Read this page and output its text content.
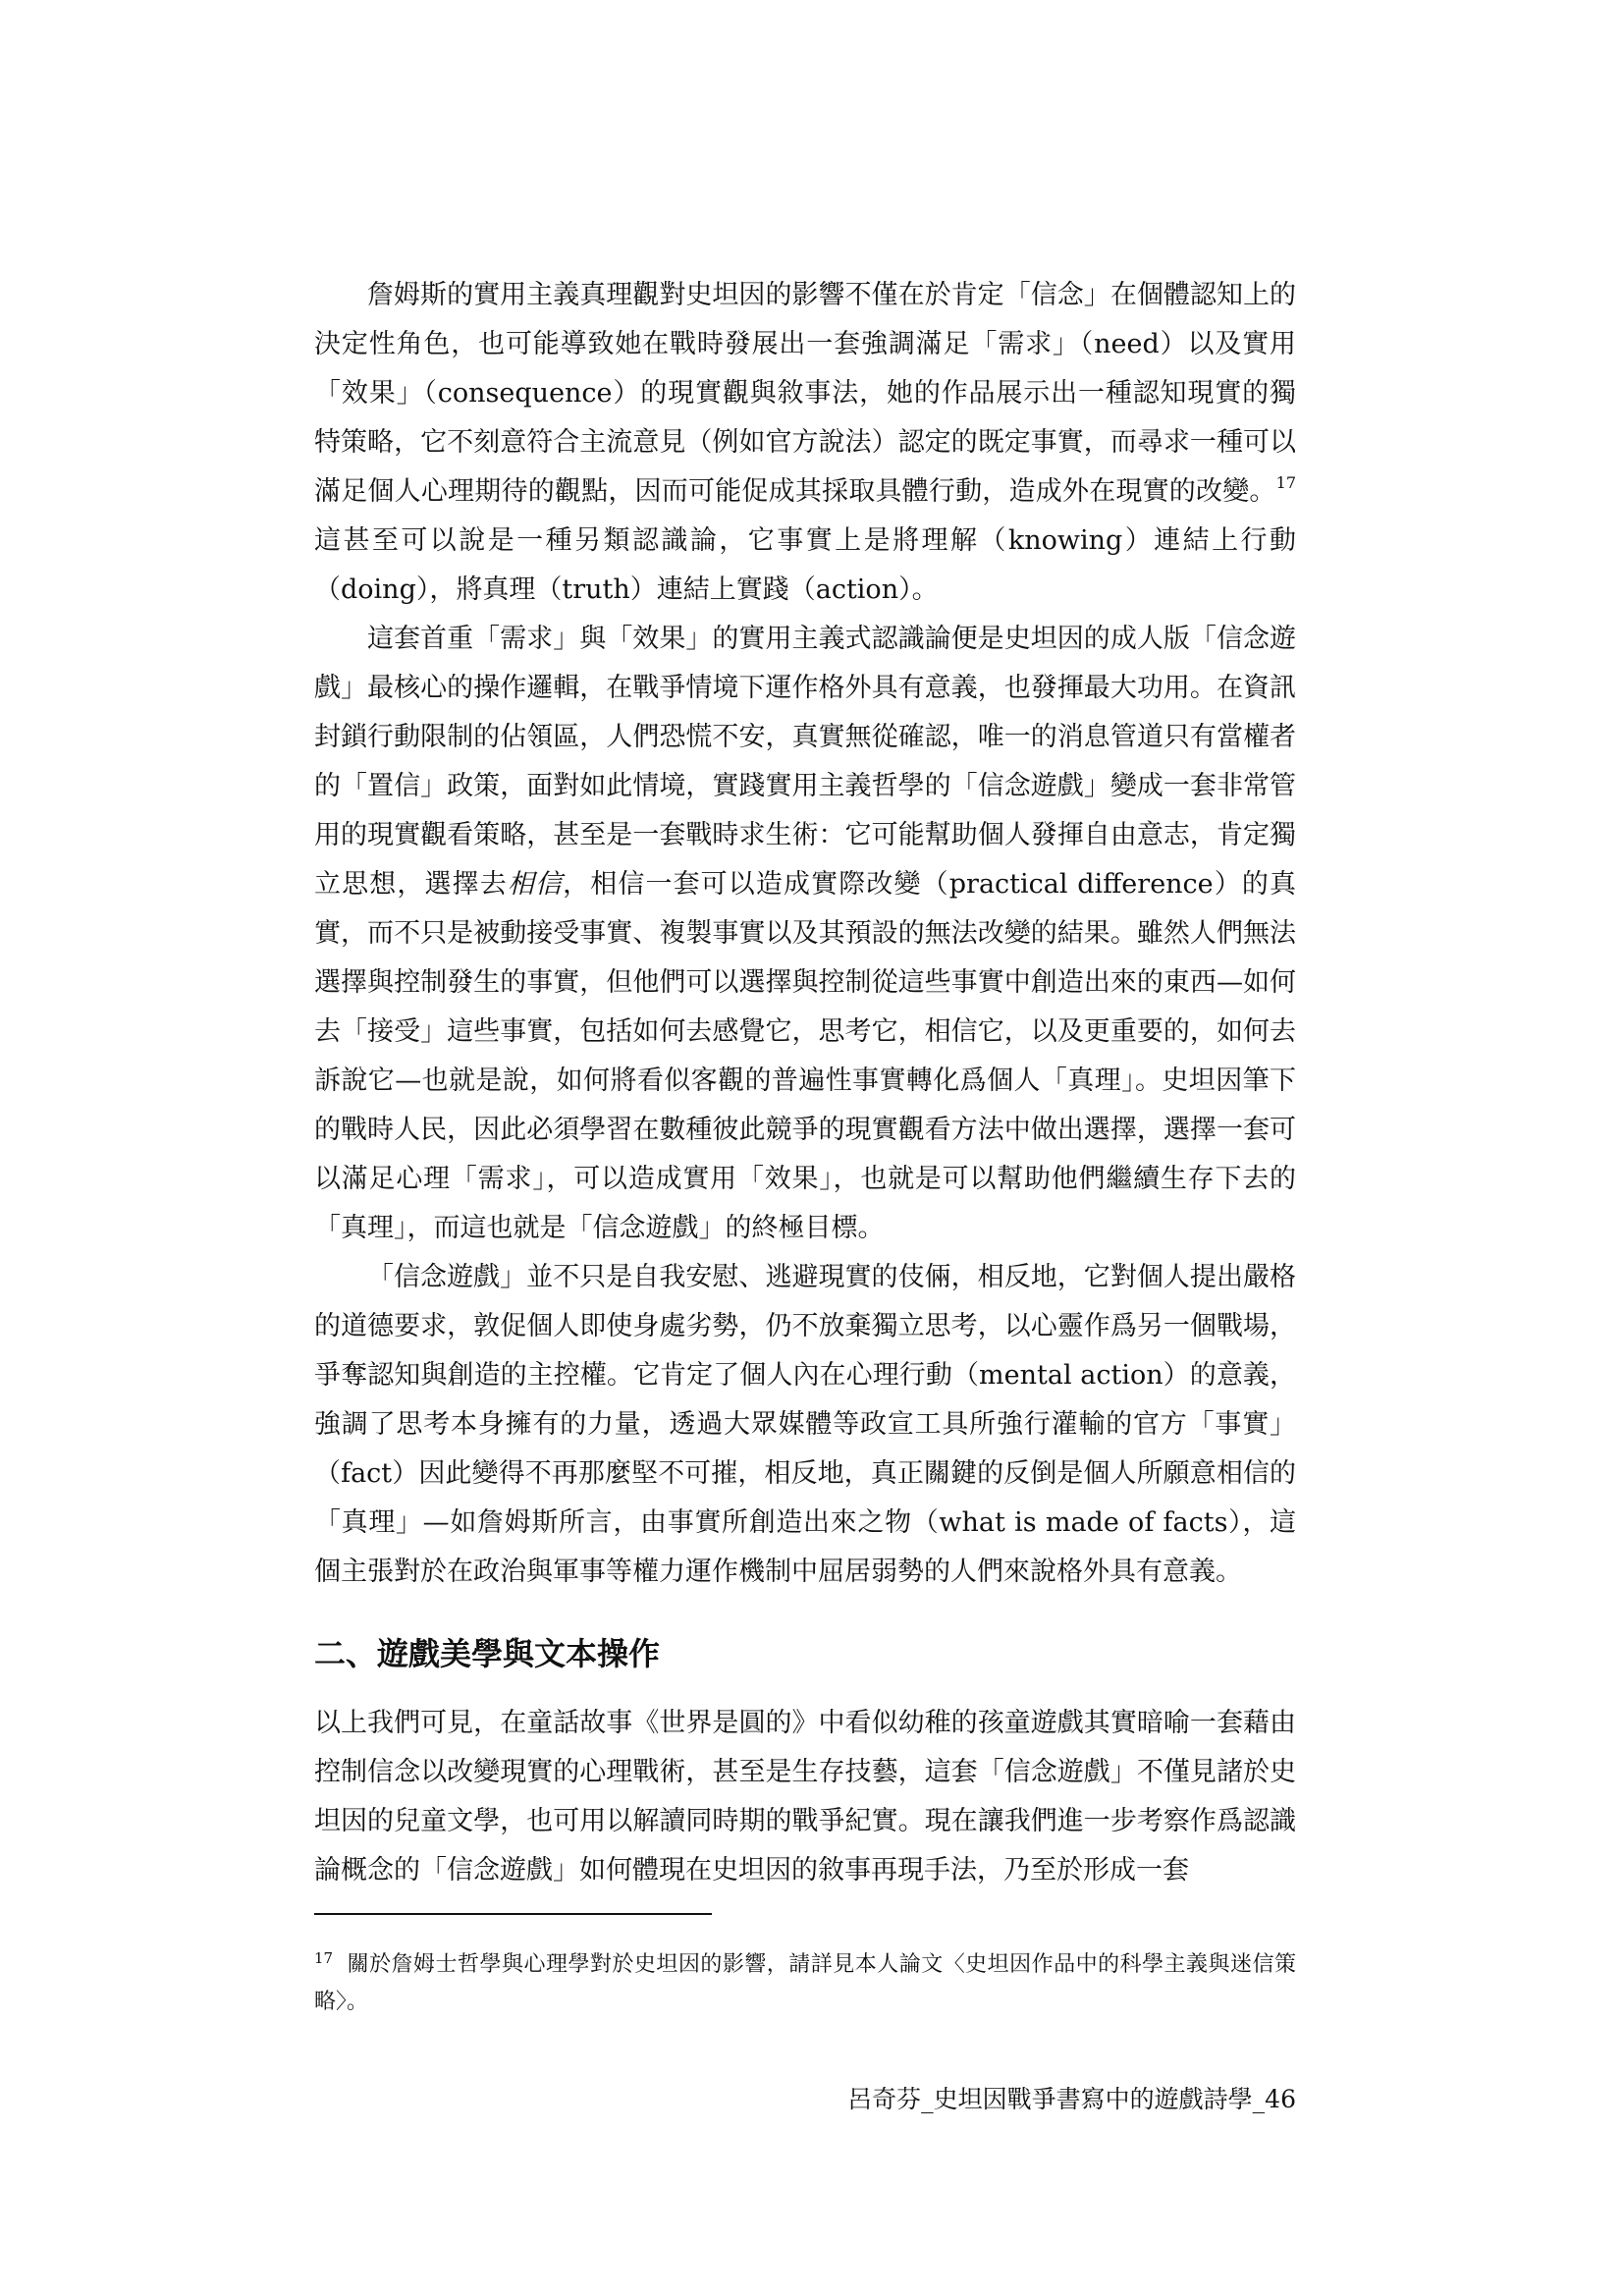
詹姆斯的實用主義真理觀對史坦因的影響不僅在於肯定「信念」在個體認知上的決定性角色，也可能導致她在戰時發展出一套強調滿足「需求」（need）以及實用「效果」（consequence）的現實觀與敘事法，她的作品展示出一種認知現實的獨特策略，它不刻意符合主流意見（例如官方說法）認定的既定事實，而尋求一種可以滿足個人心理期待的觀點，因而可能促成其採取具體行動，造成外在現實的改變。$^{17}$ 這甚至可以說是一種另類認識論，它事實上是將理解（knowing）連結上行動（doing），將真理（truth）連結上實踐（action）。

這套首重「需求」與「效果」的實用主義式認識論便是史坦因的成人版「信念遊戲」最核心的操作邏輯，在戰爭情境下運作格外具有意義，也發揮最大功用。在資訊封鎖行動限制的佔領區，人們恐慌不安，真實無從確認，唯一的消息管道只有當權者的「置信」政策，面對如此情境，實踐實用主義哲學的「信念遊戲」變成一套非常管用的現實觀看策略，甚至是一套戰時求生術：它可能幫助個人發揮自由意志，肯定獨立思想，選擇去相信，相信一套可以造成實際改變（practical difference）的真實，而不只是被動接受事實、複製事實以及其預設的無法改變的結果。雖然人們無法選擇與控制發生的事實，但他們可以選擇與控制從這些事實中創造出來的東西—如何去「接受」這些事實，包括如何去感覺它，思考它，相信它，以及更重要的，如何去訴說它—也就是說，如何將看似客觀的普遍性事實轉化爲個人「真理」。史坦因筆下的戰時人民，因此必須學習在數種彼此競爭的現實觀看方法中做出選擇，選擇一套可以滿足心理「需求」，可以造成實用「效果」，也就是可以幫助他們繼續生存下去的「真理」，而這也就是「信念遊戲」的終極目標。

「信念遊戲」並不只是自我安慰、逃避現實的伎倆，相反地，它對個人提出嚴格的道德要求，敦促個人即使身處劣勢，仍不放棄獨立思考，以心靈作爲另一個戰場，爭奪認知與創造的主控權。它肯定了個人內在心理行動（mental action）的意義，強調了思考本身擁有的力量，透過大眾媒體等政宣工具所強行灌輸的官方「事實」（fact）因此變得不再那麼堅不可摧，相反地，真正關鍵的反倒是個人所願意相信的「真理」—如詹姆斯所言，由事實所創造出來之物（what is made of facts），這個主張對於在政治與軍事等權力運作機制中屈居弱勢的人們來說格外具有意義。

二、遊戲美學與文本操作

以上我們可見，在童話故事《世界是圓的》中看似幼稚的孩童遊戲其實暗喻一套藉由控制信念以改變現實的心理戰術，甚至是生存技藝，這套「信念遊戲」不僅見諸於史坦因的兒童文學，也可用以解讀同時期的戰爭紀實。現在讓我們進一步考察作爲認識論概念的「信念遊戲」如何體現在史坦因的敘事再現手法，乃至於形成一套

$^{17}$ 關於詹姆士哲學與心理學對於史坦因的影響，請詳見本人論文〈史坦因作品中的科學主義與迷信策略〉。
呂奇芬_史坦因戰爭書寫中的遊戲詩學_46
